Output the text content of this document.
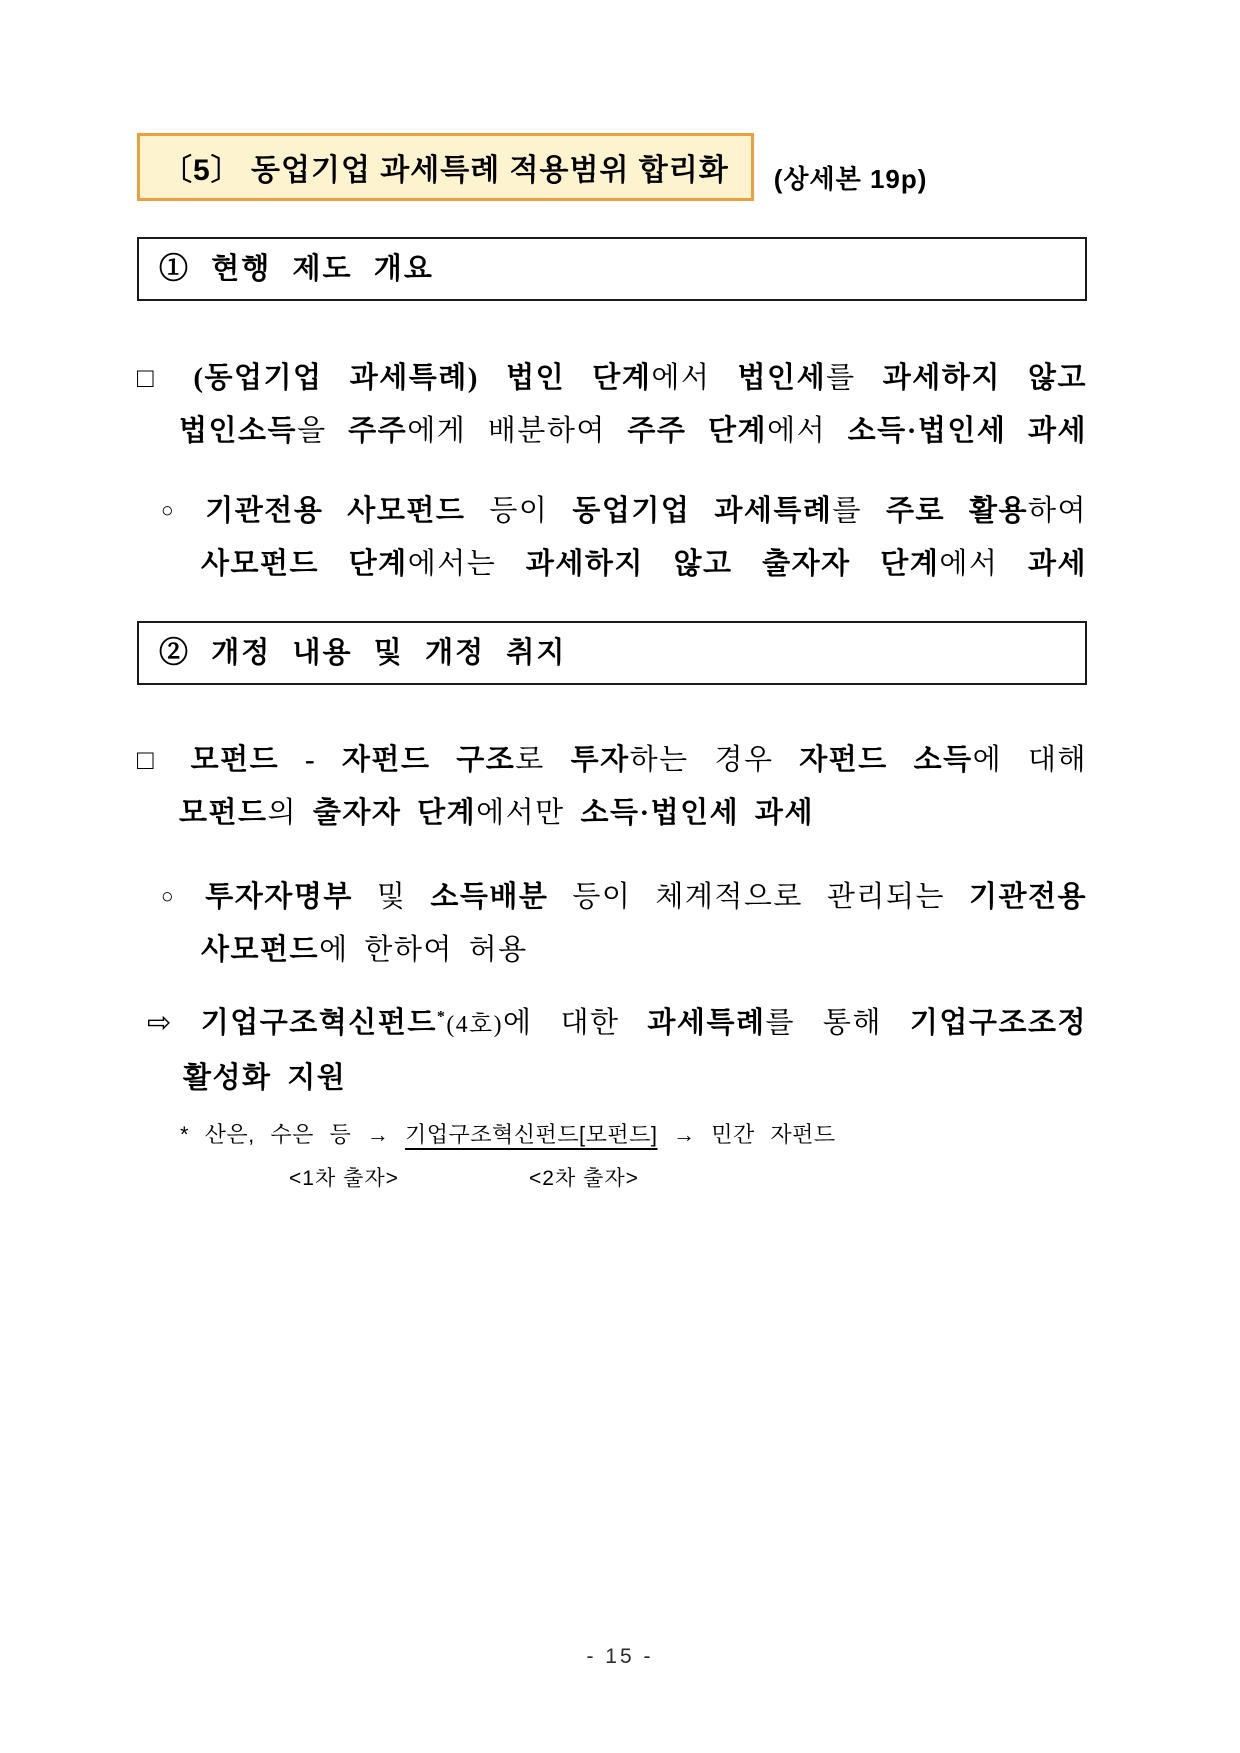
〔5〕 동업기업 과세특례 적용범위 합리화	(상세본 19p)
① 현행 제도 개요
□ (동업기업 과세특례) 법인 단계에서 법인세를 과세하지 않고
법인소득을 주주에게 배분하여 주주 단계에서 소득·법인세 과세
○ 기관전용 사모펀드 등이 동업기업 과세특례를 주로 활용하여
사모펀드 단계에서는 과세하지 않고 출자자 단계에서 과세
② 개정 내용 및 개정 취지
□ 모펀드 - 자펀드 구조로 투자하는 경우 자펀드 소득에 대해
모펀드의 출자자 단계에서만 소득·법인세 과세
○ 투자자명부 및 소득배분 등이 체계적으로 관리되는 기관전용
사모펀드에 한하여 허용
⇨ 기업구조혁신펀드*(4호)에 대한 과세특례를 통해 기업구조조정
활성화 지원
* 산은, 수은 등 → 기업구조혁신펀드[모펀드] → 민간 자펀드
<1차 출자>	<2차 출자>
- 15 -
